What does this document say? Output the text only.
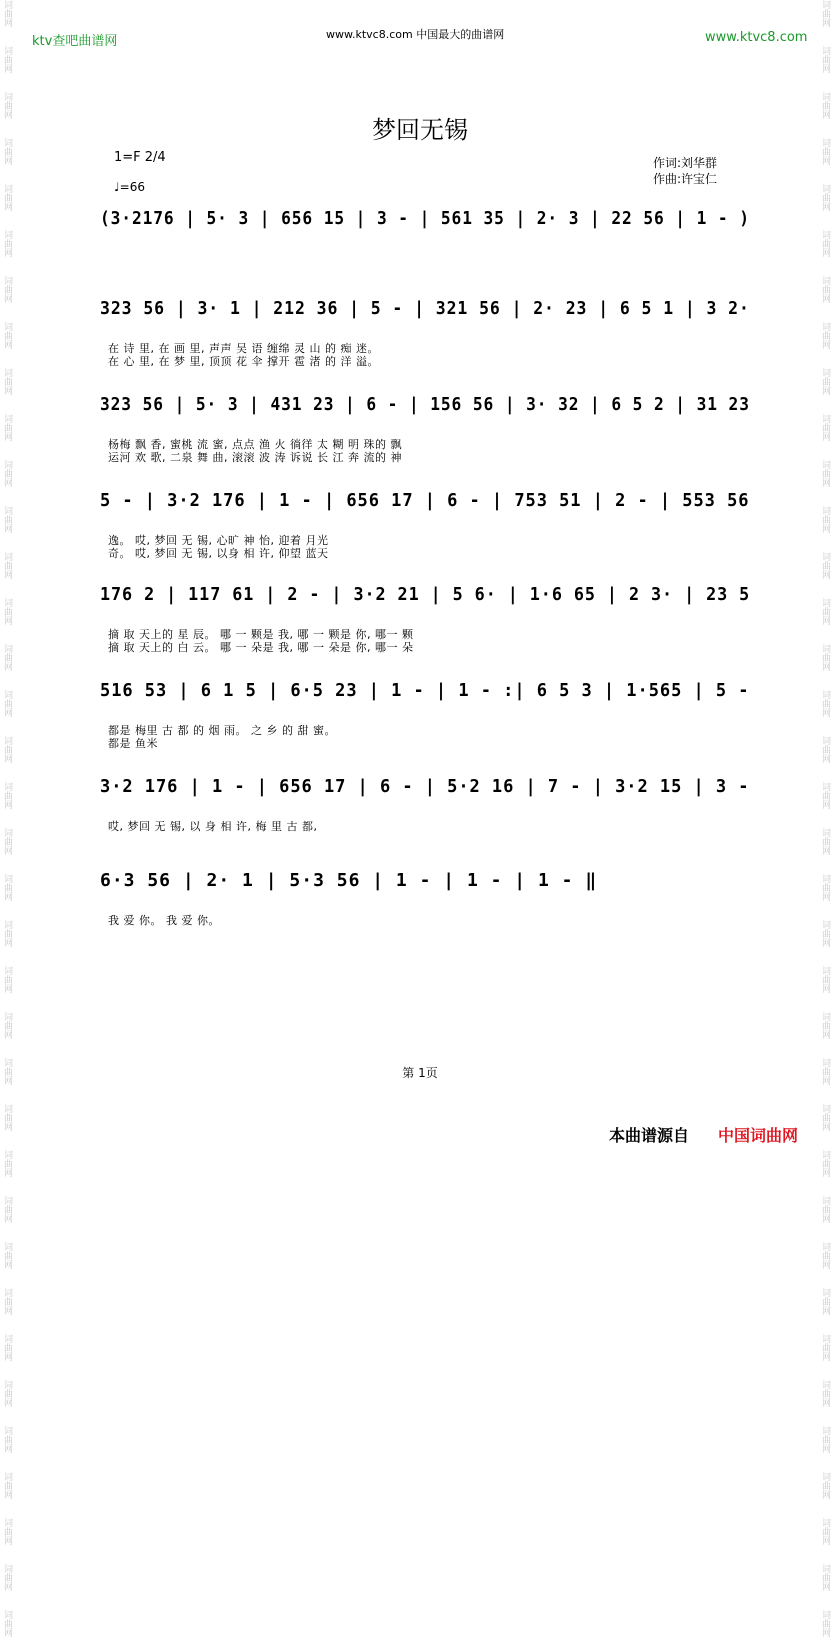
词曲网
词曲网
词曲网
词曲网
词曲网
词曲网
词曲网
词曲网
词曲网
词曲网
词曲网
词曲网
词曲网
词曲网
词曲网
词曲网
词曲网
词曲网
词曲网
词曲网
词曲网
词曲网
词曲网
词曲网
词曲网
词曲网
词曲网
词曲网
词曲网
词曲网
词曲网
词曲网
词曲网
词曲网
词曲网
词曲网
词曲网
词曲网
词曲网
词曲网
词曲网
词曲网
词曲网
词曲网
词曲网
词曲网
词曲网
词曲网
词曲网
词曲网
词曲网
词曲网
词曲网
词曲网
词曲网
词曲网
词曲网
词曲网
词曲网
词曲网
词曲网
词曲网
词曲网
词曲网
词曲网
词曲网
词曲网
词曲网
词曲网
词曲网
词曲网
词曲网
ktv查吧曲谱网	www.ktvc8.com 中国最大的曲谱网	www.ktvc8.com
梦回无锡
1=F 2/4
♩=66
作词:刘华群
作曲:许宝仁
(3·2176 | 5· 3 | 656 15 | 3 - | 561 35 | 2· 3 | 22 56 | 1 - )
323 56 | 3· 1 | 212 36 | 5 - | 321 56 | 2· 23 | 6 5 1 | 3 2·
在 诗 里, 在 画 里, 声声 吴 语 缠绵 灵 山 的 痴 迷。
在 心 里, 在 梦 里, 顶顶 花 伞 撑开 雹 渚 的 洋 溢。
323 56 | 5· 3 | 431 23 | 6 - | 156 56 | 3· 32 | 6 5 2 | 31 23
杨梅 飘 香, 蜜桃 流 蜜, 点点 渔 火 徜徉 太 糊 明 珠的 飘
运河 欢 歌, 二泉 舞 曲, 滚滚 波 涛 诉说 长 江 奔 流的 神
5 - | 3·2 176 | 1 - | 656 17 | 6 - | 753 51 | 2 - | 553 56
逸。 哎, 梦回 无 锡, 心旷 神 怡, 迎着 月光
奇。 哎, 梦回 无 锡, 以身 相 许, 仰望 蓝天
176 2 | 117 61 | 2 - | 3·2 21 | 5 6· | 1·6 65 | 2 3· | 23 5
摘 取 天上的 星 辰。 哪 一 颗是 我, 哪 一 颗是 你, 哪一 颗
摘 取 天上的 白 云。 哪 一 朵是 我, 哪 一 朵是 你, 哪一 朵
516 53 | 6 1 5 | 6·5 23 | 1 - | 1 - :| 6 5 3 | 1·565 | 5 -
都是 梅里 古 都 的 烟 雨。 之 乡 的 甜 蜜。
都是 鱼米
3·2 176 | 1 - | 656 17 | 6 - | 5·2 16 | 7 - | 3·2 15 | 3 -
哎, 梦回 无 锡, 以 身 相 许, 梅 里 古 都,
6·3 56 | 2· 1 | 5·3 56 | 1 - | 1 - | 1 - ‖
我 爱 你。 我 爱 你。
第 1页
本曲谱源自 中国词曲网
